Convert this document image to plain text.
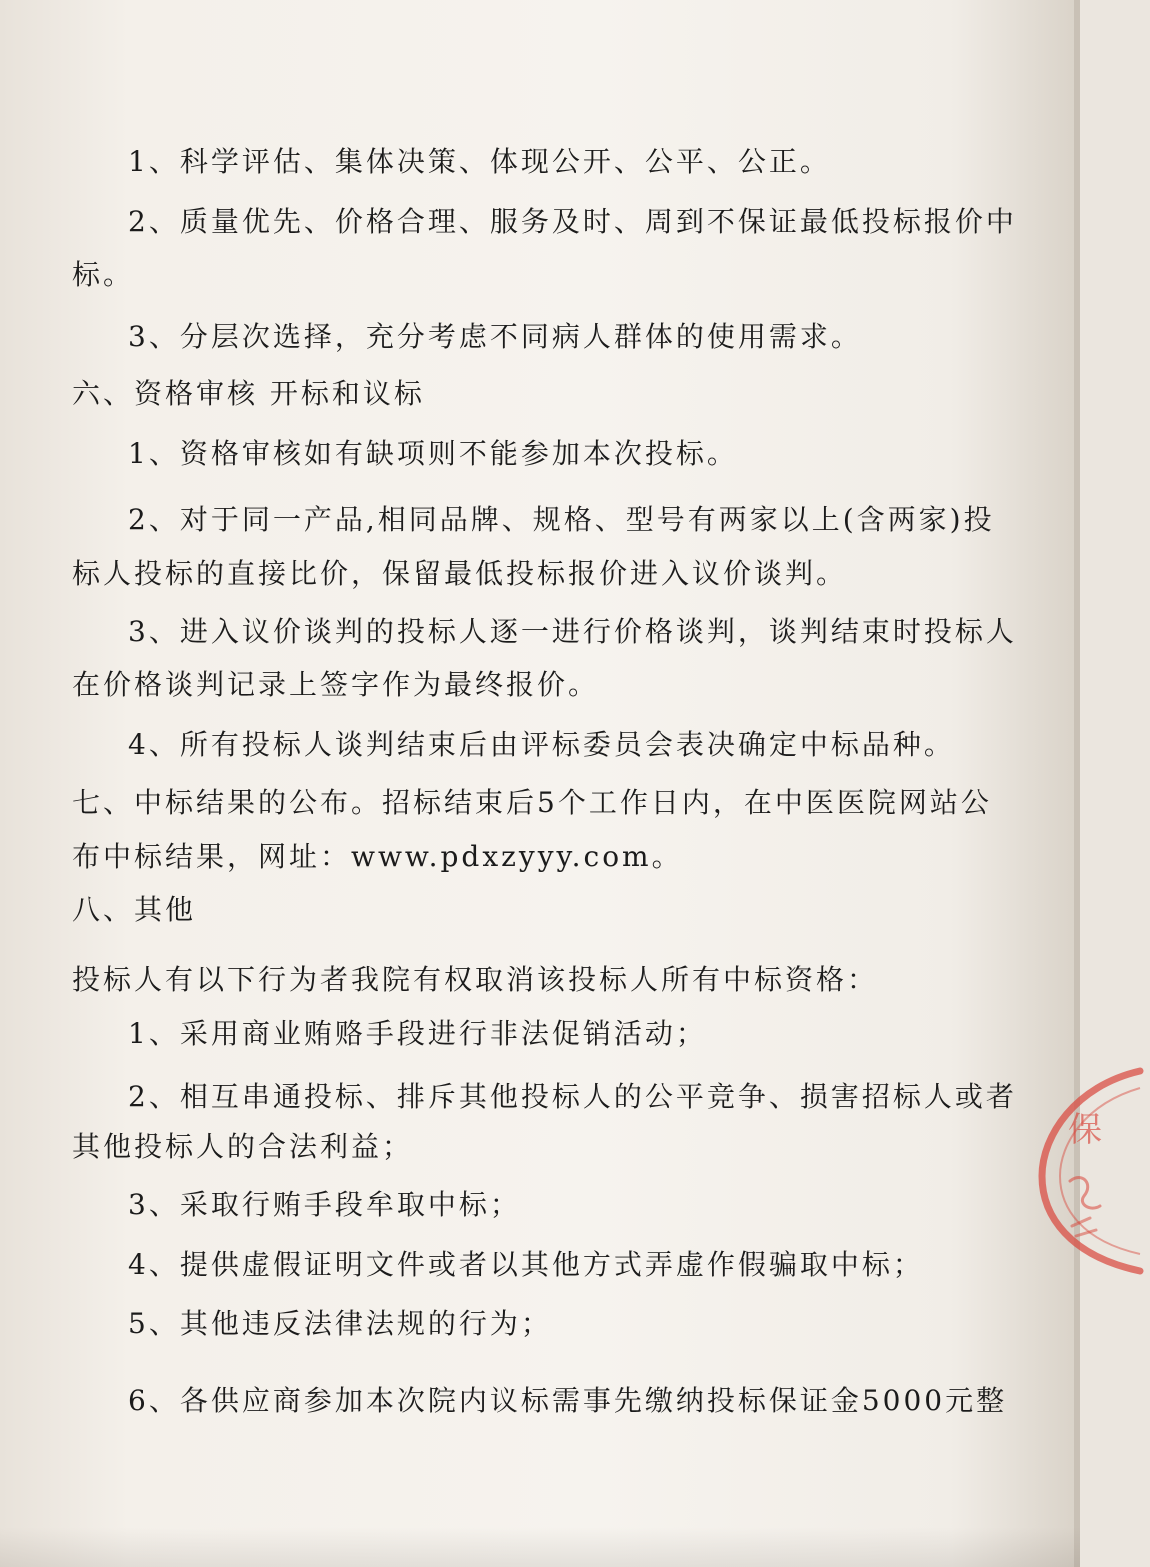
1、科学评估、集体决策、体现公开、公平、公正。

2、质量优先、价格合理、服务及时、周到不保证最低投标报价中

标。

3、分层次选择，充分考虑不同病人群体的使用需求。

六、资格审核 开标和议标

1、资格审核如有缺项则不能参加本次投标。

2、对于同一产品,相同品牌、规格、型号有两家以上(含两家)投

标人投标的直接比价，保留最低投标报价进入议价谈判。

3、进入议价谈判的投标人逐一进行价格谈判，谈判结束时投标人

在价格谈判记录上签字作为最终报价。

4、所有投标人谈判结束后由评标委员会表决确定中标品种。

七、中标结果的公布。招标结束后5个工作日内，在中医医院网站公

布中标结果，网址：www.pdxzyyy.com。

八、其他

投标人有以下行为者我院有权取消该投标人所有中标资格：

1、采用商业贿赂手段进行非法促销活动；

2、相互串通投标、排斥其他投标人的公平竞争、损害招标人或者

其他投标人的合法利益；

3、采取行贿手段牟取中标；

4、提供虚假证明文件或者以其他方式弄虚作假骗取中标；

5、其他违反法律法规的行为；

6、各供应商参加本次院内议标需事先缴纳投标保证金5000元整

保
